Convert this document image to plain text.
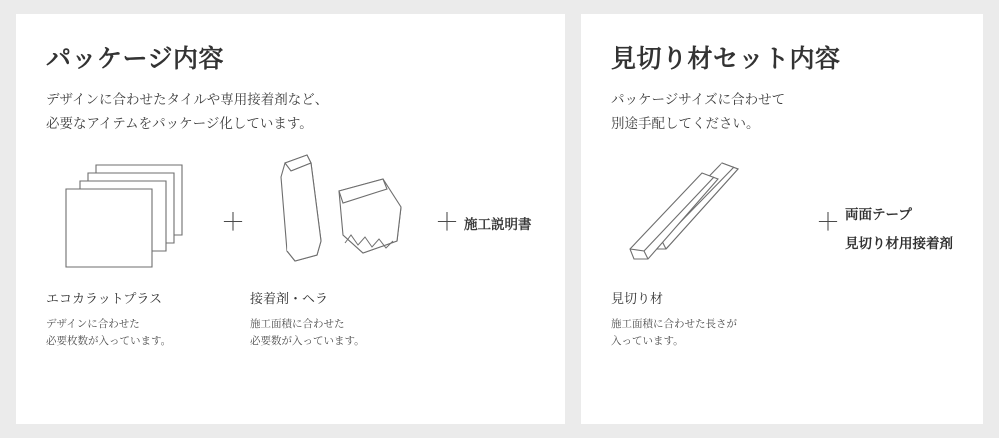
パッケージ内容
デザインに合わせたタイルや専用接着剤など、
必要なアイテムをパッケージ化しています。
エコカラットプラス
デザインに合わせた
必要枚数が入っています。
＋
接着剤・ヘラ
施工面積に合わせた
必要数が入っています。
＋ 施工説明書
見切り材セット内容
パッケージサイズに合わせて
別途手配してください。
見切り材
施工面積に合わせた長さが
入っています。
＋ 両面テープ
見切り材用接着剤
